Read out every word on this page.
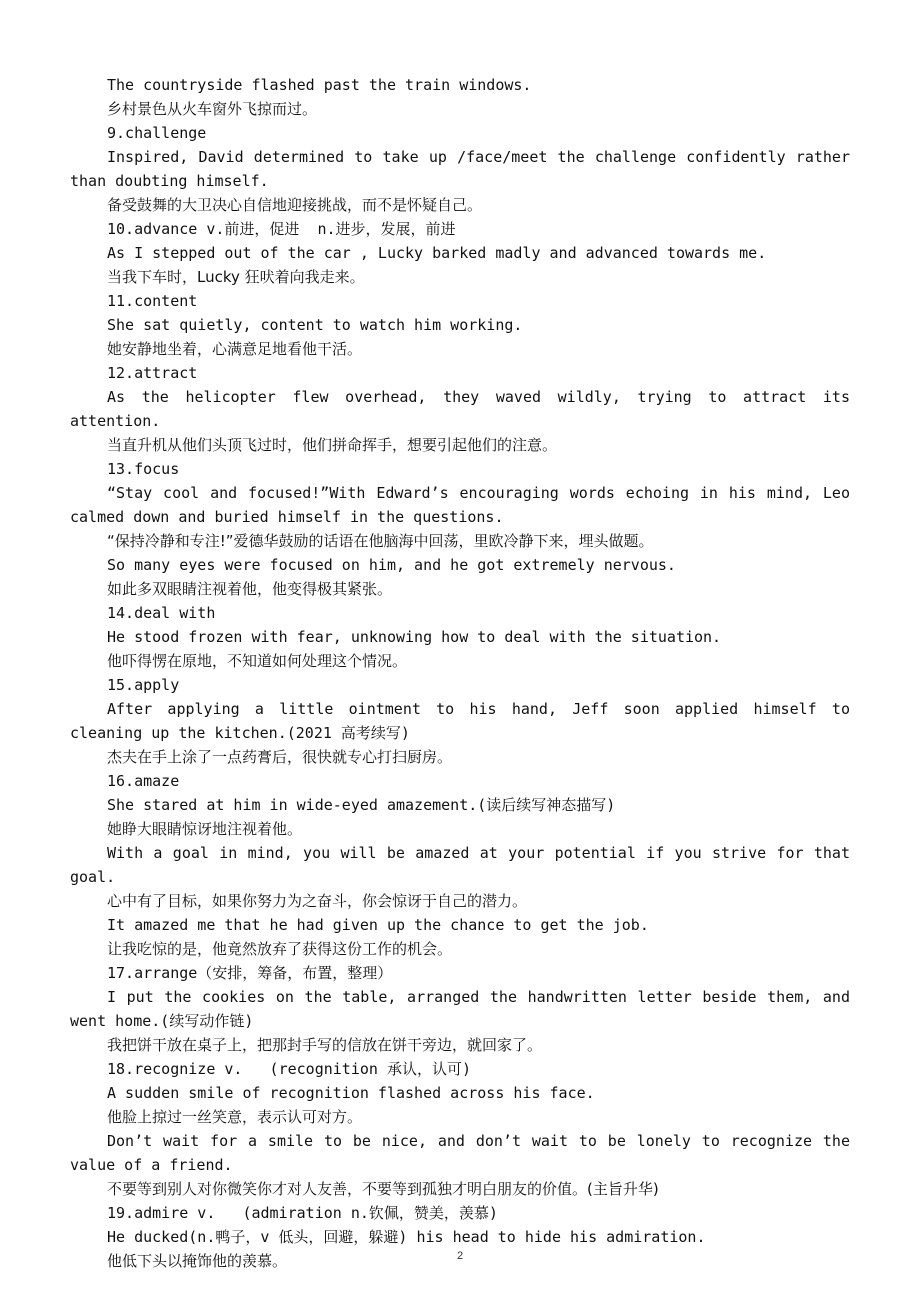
The countryside flashed past the train windows.
乡村景色从火车窗外飞掠而过。
9.challenge
Inspired, David determined to take up /face/meet the challenge confidently rather than doubting himself.
备受鼓舞的大卫决心自信地迎接挑战，而不是怀疑自己。
10.advance v.前进，促进  n.进步，发展，前进
As I stepped out of the car , Lucky barked madly and advanced towards me.
当我下车时，Lucky 狂吠着向我走来。
11.content
She sat quietly, content to watch him working.
她安静地坐着，心满意足地看他干活。
12.attract
As the helicopter flew overhead, they waved wildly, trying to attract its attention.
当直升机从他们头顶飞过时，他们拼命挥手，想要引起他们的注意。
13.focus
“Stay cool and focused!”With Edward’s encouraging words echoing in his mind, Leo calmed down and buried himself in the questions.
“保持冷静和专注!”爱德华鼓励的话语在他脑海中回荡，里欧冷静下来，埋头做题。
So many eyes were focused on him, and he got extremely nervous.
如此多双眼睛注视着他，他变得极其紧张。
14.deal with
He stood frozen with fear, unknowing how to deal with the situation.
他吓得愣在原地，不知道如何处理这个情况。
15.apply
After applying a little ointment to his hand, Jeff soon applied himself to cleaning up the kitchen.(2021 高考续写)
杰夫在手上涂了一点药膏后，很快就专心打扫厨房。
16.amaze
She stared at him in wide-eyed amazement.(读后续写神态描写)
她睁大眼睛惊讶地注视着他。
With a goal in mind, you will be amazed at your potential if you strive for that goal.
心中有了目标，如果你努力为之奋斗，你会惊讶于自己的潜力。
It amazed me that he had given up the chance to get the job.
让我吃惊的是，他竟然放弃了获得这份工作的机会。
17.arrange（安排，筹备，布置，整理）
I put the cookies on the table, arranged the handwritten letter beside them, and went home.(续写动作链)
我把饼干放在桌子上，把那封手写的信放在饼干旁边，就回家了。
18.recognize v.   (recognition 承认，认可)
A sudden smile of recognition flashed across his face.
他脸上掠过一丝笑意，表示认可对方。
Don’t wait for a smile to be nice, and don’t wait to be lonely to recognize the value of a friend.
不要等到别人对你微笑你才对人友善，不要等到孤独才明白朋友的价值。(主旨升华)
19.admire v.   (admiration n.钦佩，赞美，羡慕)
He ducked(n.鸭子，v 低头，回避，躲避) his head to hide his admiration.
他低下头以掩饰他的羡慕。	2
